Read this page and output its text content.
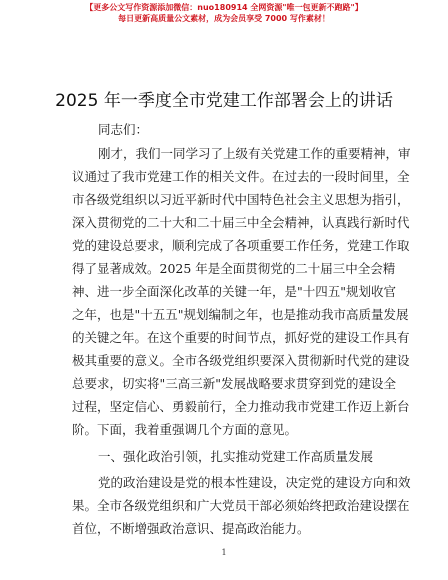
【更多公文写作资源添加微信：nuo180914 全网资源"唯一包更新不跑路"】
每日更新高质量公文素材，成为会员享受 7000 写作素材！
2025 年一季度全市党建工作部署会上的讲话
同志们：
刚才，我们一同学习了上级有关党建工作的重要精神，审
议通过了我市党建工作的相关文件。在过去的一段时间里，全
市各级党组织以习近平新时代中国特色社会主义思想为指引，
深入贯彻党的二十大和二十届三中全会精神，认真践行新时代
党的建设总要求，顺利完成了各项重要工作任务，党建工作取
得了显著成效。2025 年是全面贯彻党的二十届三中全会精
神、进一步全面深化改革的关键一年，是"十四五"规划收官
之年，也是"十五五"规划编制之年，也是推动我市高质量发展
的关键之年。在这个重要的时间节点，抓好党的建设工作具有
极其重要的意义。全市各级党组织要深入贯彻新时代党的建设
总要求，切实将"三高三新"发展战略要求贯穿到党的建设全
过程，坚定信心、勇毅前行，全力推动我市党建工作迈上新台
阶。下面，我着重强调几个方面的意见。
一、强化政治引领，扎实推动党建工作高质量发展
党的政治建设是党的根本性建设，决定党的建设方向和效
果。全市各级党组织和广大党员干部必须始终把政治建设摆在
首位，不断增强政治意识、提高政治能力。
1
